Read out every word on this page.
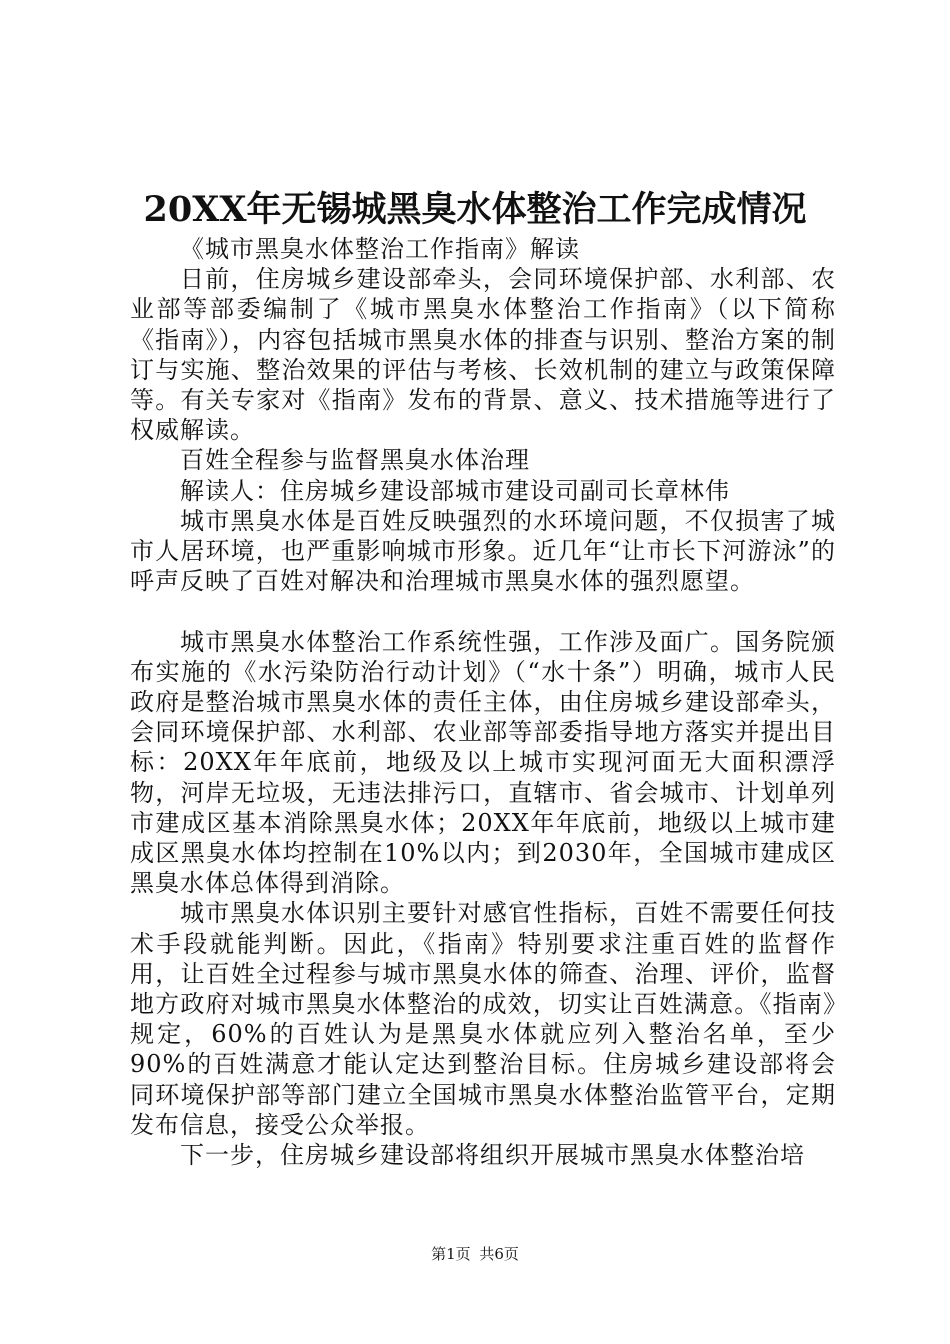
20XX年无锡城黑臭水体整治工作完成情况

《城市黑臭水体整治工作指南》解读

日前，住房城乡建设部牵头，会同环境保护部、水利部、农业部等部委编制了《城市黑臭水体整治工作指南》（以下简称《指南》），内容包括城市黑臭水体的排查与识别、整治方案的制订与实施、整治效果的评估与考核、长效机制的建立与政策保障等。有关专家对《指南》发布的背景、意义、技术措施等进行了权威解读。

百姓全程参与监督黑臭水体治理

解读人：住房城乡建设部城市建设司副司长章林伟

城市黑臭水体是百姓反映强烈的水环境问题，不仅损害了城市人居环境，也严重影响城市形象。近几年“让市长下河游泳”的呼声反映了百姓对解决和治理城市黑臭水体的强烈愿望。

城市黑臭水体整治工作系统性强，工作涉及面广。国务院颁布实施的《水污染防治行动计划》（“水十条”）明确，城市人民政府是整治城市黑臭水体的责任主体，由住房城乡建设部牵头，会同环境保护部、水利部、农业部等部委指导地方落实并提出目标：20XX年年底前，地级及以上城市实现河面无大面积漂浮物，河岸无垃圾，无违法排污口，直辖市、省会城市、计划单列市建成区基本消除黑臭水体；20XX年年底前，地级以上城市建成区黑臭水体均控制在10%以内；到2030年，全国城市建成区黑臭水体总体得到消除。

城市黑臭水体识别主要针对感官性指标，百姓不需要任何技术手段就能判断。因此，《指南》特别要求注重百姓的监督作用，让百姓全过程参与城市黑臭水体的筛查、治理、评价，监督地方政府对城市黑臭水体整治的成效，切实让百姓满意。《指南》规定，60%的百姓认为是黑臭水体就应列入整治名单，至少90%的百姓满意才能认定达到整治目标。住房城乡建设部将会同环境保护部等部门建立全国城市黑臭水体整治监管平台，定期发布信息，接受公众举报。

下一步，住房城乡建设部将组织开展城市黑臭水体整治培

第1页 共6页
